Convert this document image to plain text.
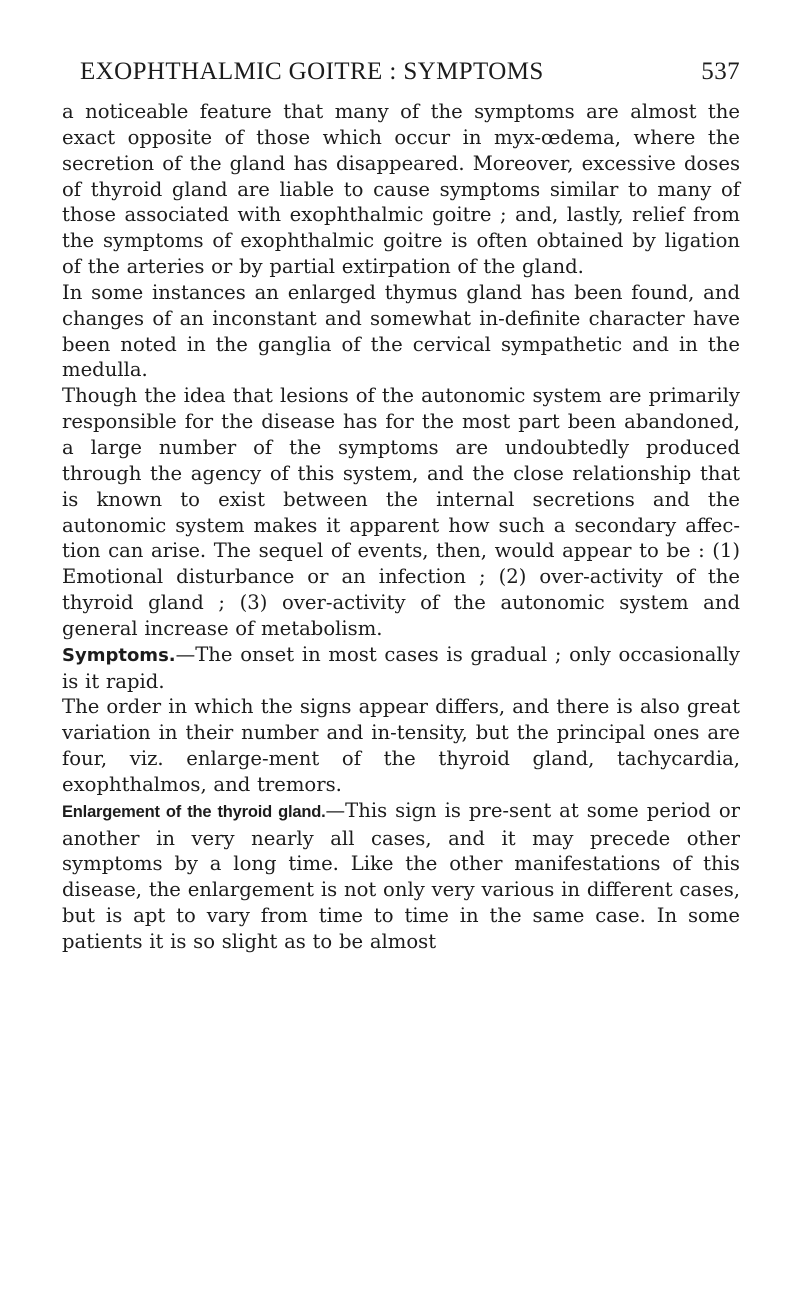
EXOPHTHALMIC GOITRE : SYMPTOMS	537

a noticeable feature that many of the symptoms are almost the exact opposite of those which occur in myx-œdema, where the secretion of the gland has disappeared. Moreover, excessive doses of thyroid gland are liable to cause symptoms similar to many of those associated with exophthalmic goitre ; and, lastly, relief from the symptoms of exophthalmic goitre is often obtained by ligation of the arteries or by partial extirpation of the gland.

In some instances an enlarged thymus gland has been found, and changes of an inconstant and somewhat in-definite character have been noted in the ganglia of the cervical sympathetic and in the medulla.

Though the idea that lesions of the autonomic system are primarily responsible for the disease has for the most part been abandoned, a large number of the symptoms are undoubtedly produced through the agency of this system, and the close relationship that is known to exist between the internal secretions and the autonomic system makes it apparent how such a secondary affec-tion can arise. The sequel of events, then, would appear to be : (1) Emotional disturbance or an infection ; (2) over-activity of the thyroid gland ; (3) over-activity of the autonomic system and general increase of metabolism.

Symptoms.—The onset in most cases is gradual ; only occasionally is it rapid.

The order in which the signs appear differs, and there is also great variation in their number and in-tensity, but the principal ones are four, viz. enlarge-ment of the thyroid gland, tachycardia, exophthalmos, and tremors.

Enlargement of the thyroid gland.—This sign is pre-sent at some period or another in very nearly all cases, and it may precede other symptoms by a long time. Like the other manifestations of this disease, the enlargement is not only very various in different cases, but is apt to vary from time to time in the same case. In some patients it is so slight as to be almost
